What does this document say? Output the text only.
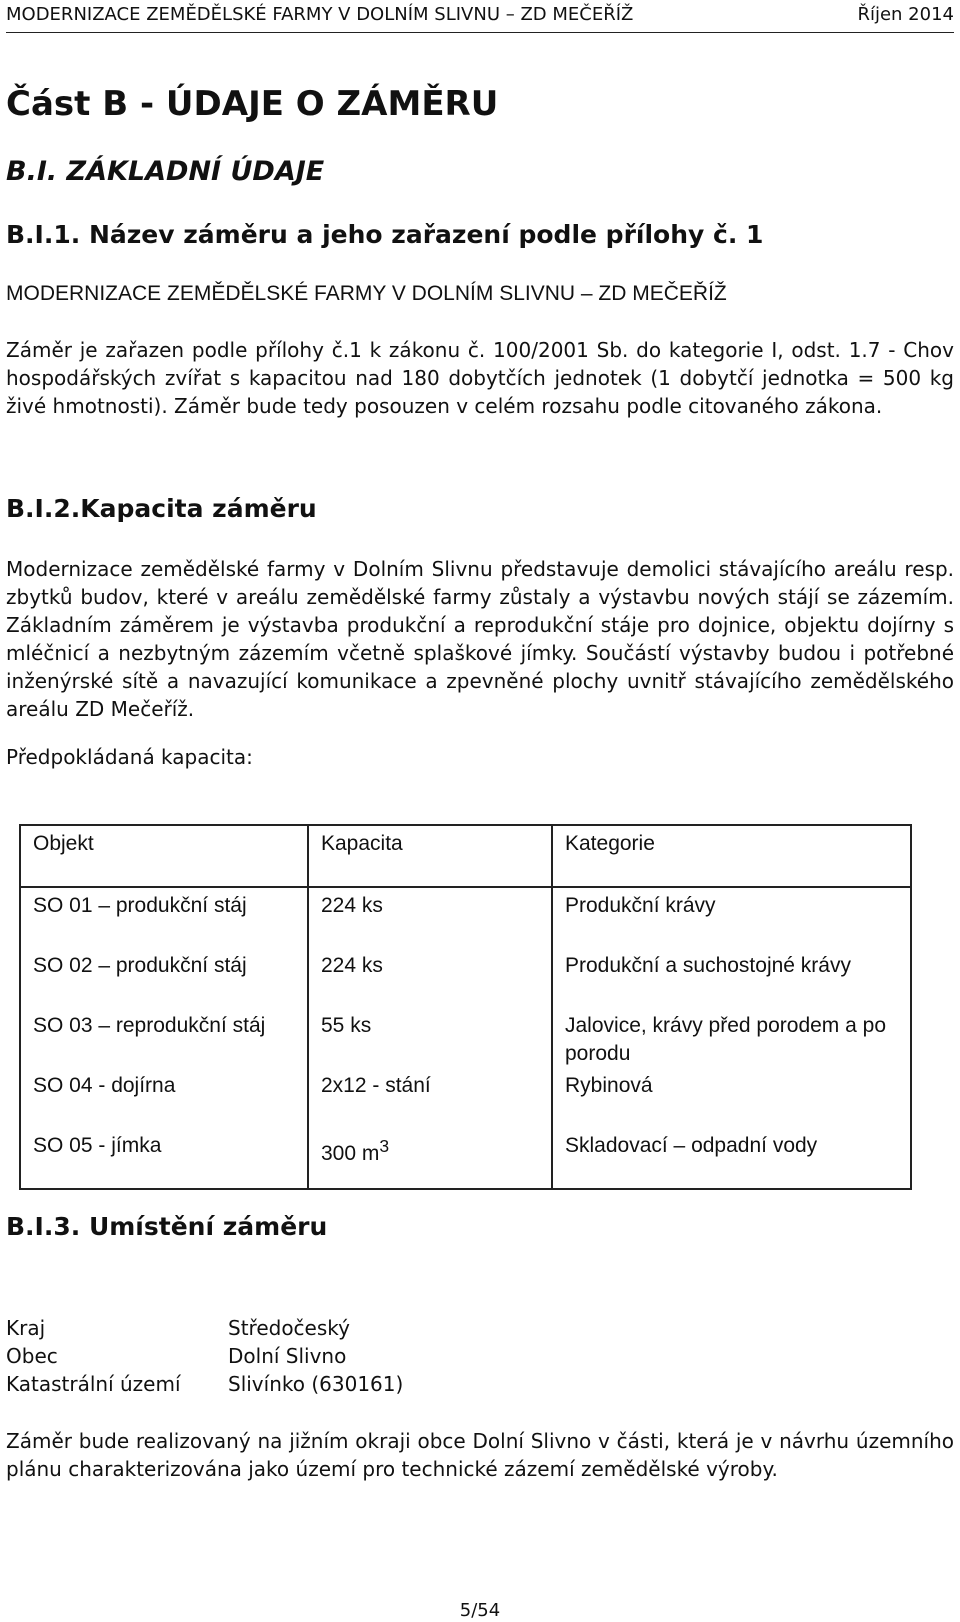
MODERNIZACE ZEMĚDĚLSKÉ FARMY V DOLNÍM SLIVNU – ZD MEČEŘÍŽ	Říjen 2014
Část B - ÚDAJE O ZÁMĚRU
B.I. ZÁKLADNÍ ÚDAJE
B.I.1. Název záměru a jeho zařazení podle přílohy č. 1
MODERNIZACE ZEMĚDĚLSKÉ FARMY V DOLNÍM SLIVNU – ZD MEČEŘÍŽ
Záměr je zařazen podle přílohy č.1 k zákonu č. 100/2001 Sb. do kategorie I, odst. 1.7 - Chov hospodářských zvířat s kapacitou nad 180 dobytčích jednotek (1 dobytčí jednotka = 500 kg živé hmotnosti). Záměr bude tedy posouzen v celém rozsahu podle citovaného zákona.
B.I.2.Kapacita záměru
Modernizace zemědělské farmy v Dolním Slivnu představuje demolici stávajícího areálu resp. zbytků budov, které v areálu zemědělské farmy zůstaly a výstavbu nových stájí se zázemím. Základním záměrem je výstavba produkční a reprodukční stáje pro dojnice, objektu dojírny s mléčnicí a nezbytným zázemím včetně splaškové jímky. Součástí výstavby budou i potřebné inženýrské sítě a navazující komunikace a zpevněné plochy uvnitř stávajícího zemědělského areálu ZD Mečeříž.
Předpokládaná kapacita:
Objekt	Kapacita	Kategorie
SO 01 – produkční stáj	224 ks	Produkční krávy
SO 02 – produkční stáj	224 ks	Produkční a suchostojné krávy
SO 03 – reprodukční stáj	55 ks	Jalovice, krávy před porodem a po porodu
SO 04 - dojírna	2x12 - stání	Rybinová
SO 05 - jímka	300 $m^3$	Skladovací – odpadní vody
B.I.3. Umístění záměru
Kraj	Středočeský
Obec	Dolní Slivno
Katastrální území	Slivínko (630161)
Záměr bude realizovaný na jižním okraji obce Dolní Slivno v části, která je v návrhu územního plánu charakterizována jako území pro technické zázemí zemědělské výroby.
5/54
